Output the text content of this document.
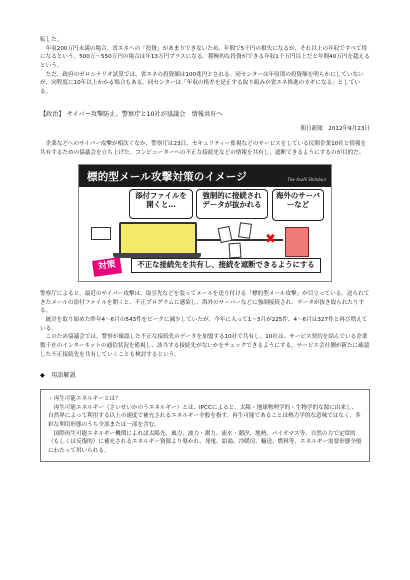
転した。

年収200万円未満の場合、省エネへの「投資」があまりできないため、年間で5千円の損失になるが、それ以上の年収ですべて得になるという。500万〜550万円の場合は年13万円プラスになる。積極的な投資ができる年収1千万円以上だと年間40万円を超えるという。

ただ、政府のゼロシナリオ試算では、省エネの投資額は100兆円とされる。同センターは年収別の投資額を明らかにしていないが、同程度に10年以上かかる場合もある。同センターは「年収の格差を是正する取り組みが省エネ推進のカギになる」としている。

【政治】 サイバー攻撃防止、警察庁と10社が協議会　情報共有へ

朝日新聞　2012年9月23日

企業などへのサイバー攻撃が相次ぐなか、警察庁は23日、セキュリティー監視などのサービスをしている民間企業10社と情報を共有するための協議会を立ち上げた。コンピューターへの不正な接続先などの情報を共有し、遮断できるようにするのが目的だ。

標的型メール攻撃対策のイメージ	The Asahi Shimbun
添付ファイルを開くと…
強制的に接続されデータが抜かれる
海外のサーバーなど
✖
対策	不正な接続先を共有し、接続を遮断できるようにする

警察庁によると、最近のサイバー攻撃は、取引先などを装ってメールを送り付ける「標的型メール攻撃」が目立っている。送られてきたメールの添付ファイルを開くと、不正プログラムに感染し、海外のサーバーなどに強制接続され、データが抜き取られたりする。

統計を取り始めた昨年4〜6月の543件をピークに減少していたが、今年に入って1〜3月が225件、4〜6月は327件と再び増えている。

このため協議会では、警察が確認した不正な接続先のデータを加盟する10社で共有し、10社は、サービス契約を結んでいる企業数千社のインターネットの通信状況を監視し、該当する接続先がないかをチェックできるようにする。サービス会社側が新たに確認した不正接続先を共有していくことも検討するという。

◆　用語解説

・再生可能エネルギーとは？

再生可能エネルギー（さいせいかのうエネルギー）とは、IPCCによると、太陽・地球物理学的・生物学的な源に由来し、自然界によって利用する以上の速度で補充されるエネルギー全般を指す。再生可能であることは熱力学的な意味ではなく、多彩な利用形態のうち全部または一部を含む。

国際再生可能エネルギー機関によれば太陽光、風力、波力・潮力、流水・潮汐、地熱、バイオマス等、自然の力で定常的（もしくは反復的）に補充されるエネルギー資源より導かれ、発電、給湯、冷暖房、輸送、燃料等、エネルギー需要形態全般にわたって用いられる。
